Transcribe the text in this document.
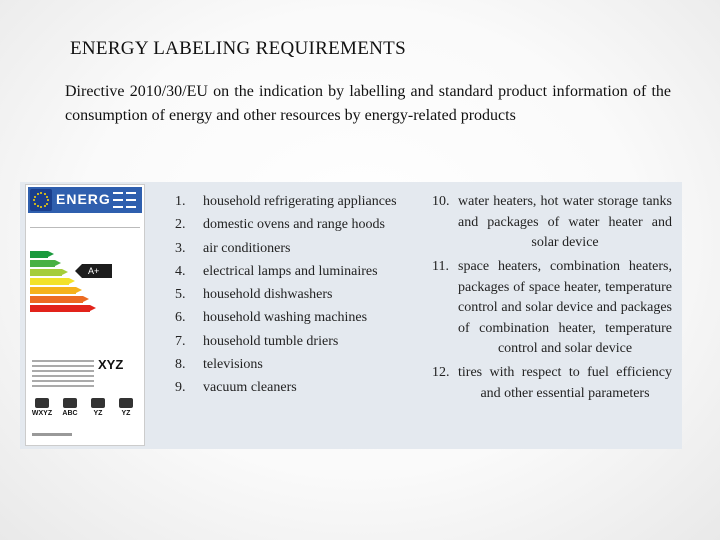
ENERGY LABELING REQUIREMENTS
Directive 2010/30/EU on the indication by labelling and standard product information of the consumption of energy and other resources by energy-related products
ENERG
XYZ
WXYZ	ABC	YZ	YZ
A+
1. household refrigerating appliances
2. domestic ovens and range hoods
3. air conditioners
4. electrical lamps and luminaires
5. household dishwashers
6. household washing machines
7. household tumble driers
8. televisions
9. vacuum cleaners
10. water heaters, hot water storage tanks and packages of water heater and solar device
11. space heaters, combination heaters, packages of space heater, temperature control and solar device and packages of combination heater, temperature control and solar device
12. tires with respect to fuel efficiency and other essential parameters
